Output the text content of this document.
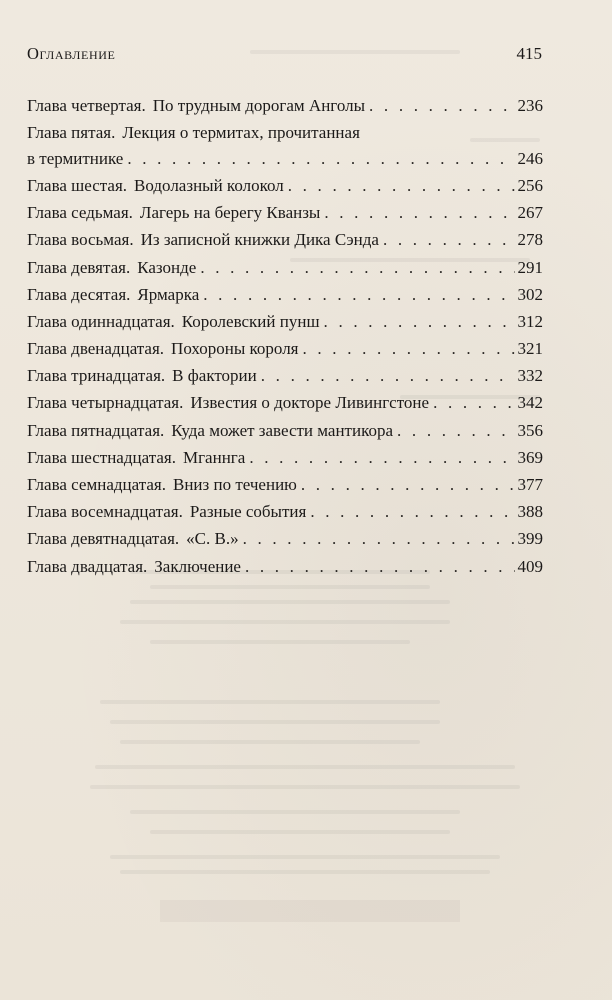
Оглавление	415
Глава четвертая. По трудным дорогам Анголы . . .	236
Глава пятая. Лекция о термитах, прочитанная
в термитнике . . .	246
Глава шестая. Водолазный колокол . . .	256
Глава седьмая. Лагерь на берегу Кванзы . . .	267
Глава восьмая. Из записной книжки Дика Сэнда . . .	278
Глава девятая. Казонде . . .	291
Глава десятая. Ярмарка . . .	302
Глава одиннадцатая. Королевский пунш . . .	312
Глава двенадцатая. Похороны короля . . .	321
Глава тринадцатая. В фактории . . .	332
Глава четырнадцатая. Известия о докторе Ливингстоне . . .	342
Глава пятнадцатая. Куда может завести мантикора . . .	356
Глава шестнадцатая. Мганнга . . .	369
Глава семнадцатая. Вниз по течению . . .	377
Глава восемнадцатая. Разные события . . .	388
Глава девятнадцатая. «С. В.» . . .	399
Глава двадцатая. Заключение . . .	409
